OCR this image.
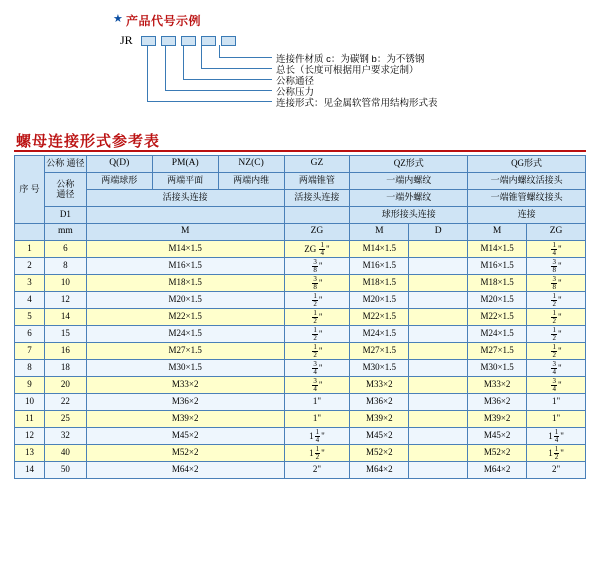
★ 产品代号示例
JR
连接件材质 c：为碳钢 b：为不锈钢
总长（长度可根据用户要求定制）
公称通径
公称压力
连接形式：见金属软管常用结构形式表
螺母连接形式参考表
序 号	公称 通径	Q(D)	PM(A)	NZ(C)	GZ	QZ形式		QG形式	
	公称
通径	两端球形	两端平面	两端内维	两端锥管	一端内螺纹		一端内螺纹活接头	
		活接头连接			活接头连接	一端外螺纹		一端锥管螺纹接头	
	D1					球形接头连接		连接	
	mm	M			ZG	M	D	M	ZG
1	6	M14×1.5			ZG $\frac{1}{4}$ "	M14×1.5		M14×1.5	$\frac{1}{4}$ "
2	8	M16×1.5			$\frac{3}{8}$ "	M16×1.5		M16×1.5	$\frac{3}{8}$ "
3	10	M18×1.5			$\frac{3}{8}$ "	M18×1.5		M18×1.5	$\frac{3}{8}$ "
4	12	M20×1.5			$\frac{1}{2}$ "	M20×1.5		M20×1.5	$\frac{1}{2}$ "
5	14	M22×1.5			$\frac{1}{2}$ "	M22×1.5		M22×1.5	$\frac{1}{2}$ "
6	15	M24×1.5			$\frac{1}{2}$ "	M24×1.5		M24×1.5	$\frac{1}{2}$ "
7	16	M27×1.5			$\frac{1}{2}$ "	M27×1.5		M27×1.5	$\frac{1}{2}$ "
8	18	M30×1.5			$\frac{3}{4}$ "	M30×1.5		M30×1.5	$\frac{3}{4}$ "
9	20	M33×2			$\frac{3}{4}$ "	M33×2		M33×2	$\frac{3}{4}$ "
10	22	M36×2			1"	M36×2		M36×2	1"
11	25	M39×2			1"	M39×2		M39×2	1"
12	32	M45×2			$1 \frac{1}{4}$ "	M45×2		M45×2	$1 \frac{1}{4}$ "
13	40	M52×2			$1 \frac{1}{2}$ "	M52×2		M52×2	$1 \frac{1}{2}$ "
14	50	M64×2			2"	M64×2		M64×2	2"
